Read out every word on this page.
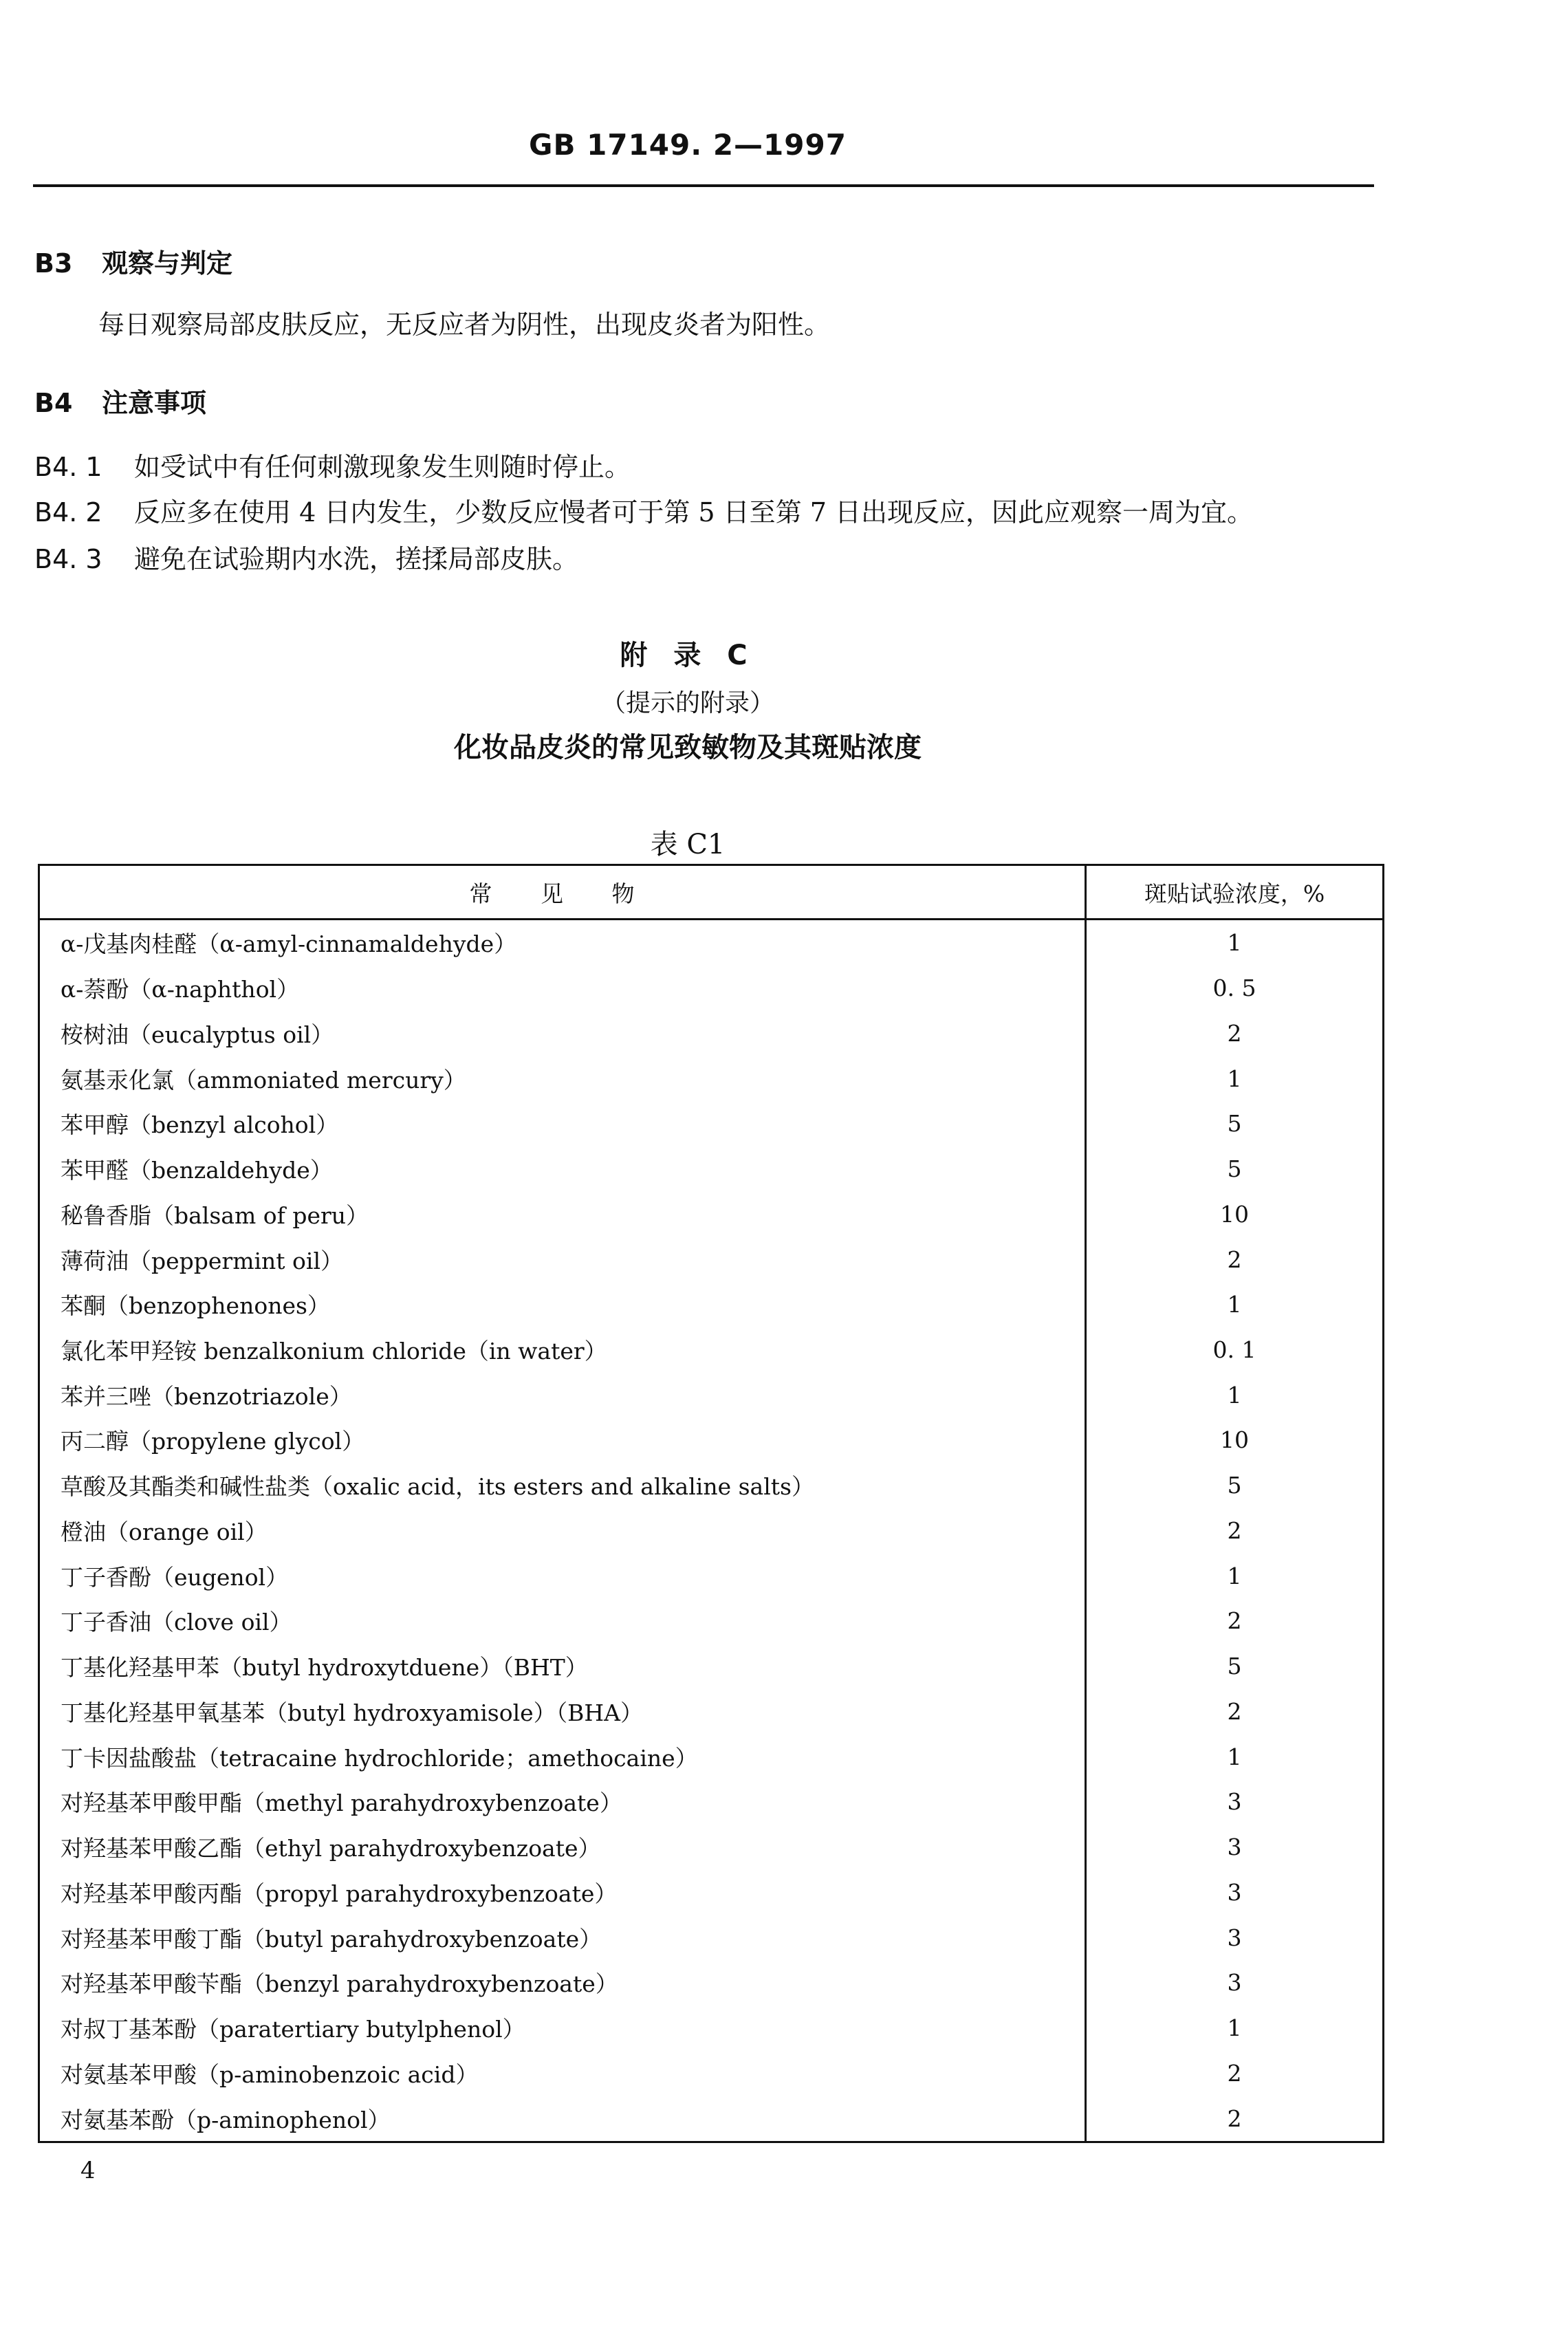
GB 17149. 2—1997
B3 观察与判定
每日观察局部皮肤反应，无反应者为阴性，出现皮炎者为阳性。
B4 注意事项
B4. 1 如受试中有任何刺激现象发生则随时停止。
B4. 2 反应多在使用 4 日内发生，少数反应慢者可于第 5 日至第 7 日出现反应，因此应观察一周为宜。
B4. 3 避免在试验期内水洗，搓揉局部皮肤。
附 录 C
（提示的附录）
化妆品皮炎的常见致敏物及其斑贴浓度
表 C1
常 见 物	斑贴试验浓度，%
α-戊基肉桂醛（α-amyl-cinnamaldehyde）	1
α-萘酚（α-naphthol）	0. 5
桉树油（eucalyptus oil）	2
氨基汞化氯（ammoniated mercury）	1
苯甲醇（benzyl alcohol）	5
苯甲醛（benzaldehyde）	5
秘鲁香脂（balsam of peru）	10
薄荷油（peppermint oil）	2
苯酮（benzophenones）	1
氯化苯甲羟铵 benzalkonium chloride（in water）	0. 1
苯并三唑（benzotriazole）	1
丙二醇（propylene glycol）	10
草酸及其酯类和碱性盐类（oxalic acid，its esters and alkaline salts）	5
橙油（orange oil）	2
丁子香酚（eugenol）	1
丁子香油（clove oil）	2
丁基化羟基甲苯（butyl hydroxytduene）（BHT）	5
丁基化羟基甲氧基苯（butyl hydroxyamisole）（BHA）	2
丁卡因盐酸盐（tetracaine hydrochloride；amethocaine）	1
对羟基苯甲酸甲酯（methyl parahydroxybenzoate）	3
对羟基苯甲酸乙酯（ethyl parahydroxybenzoate）	3
对羟基苯甲酸丙酯（propyl parahydroxybenzoate）	3
对羟基苯甲酸丁酯（butyl parahydroxybenzoate）	3
对羟基苯甲酸苄酯（benzyl parahydroxybenzoate）	3
对叔丁基苯酚（paratertiary butylphenol）	1
对氨基苯甲酸（p-aminobenzoic acid）	2
对氨基苯酚（p-aminophenol）	2
4
